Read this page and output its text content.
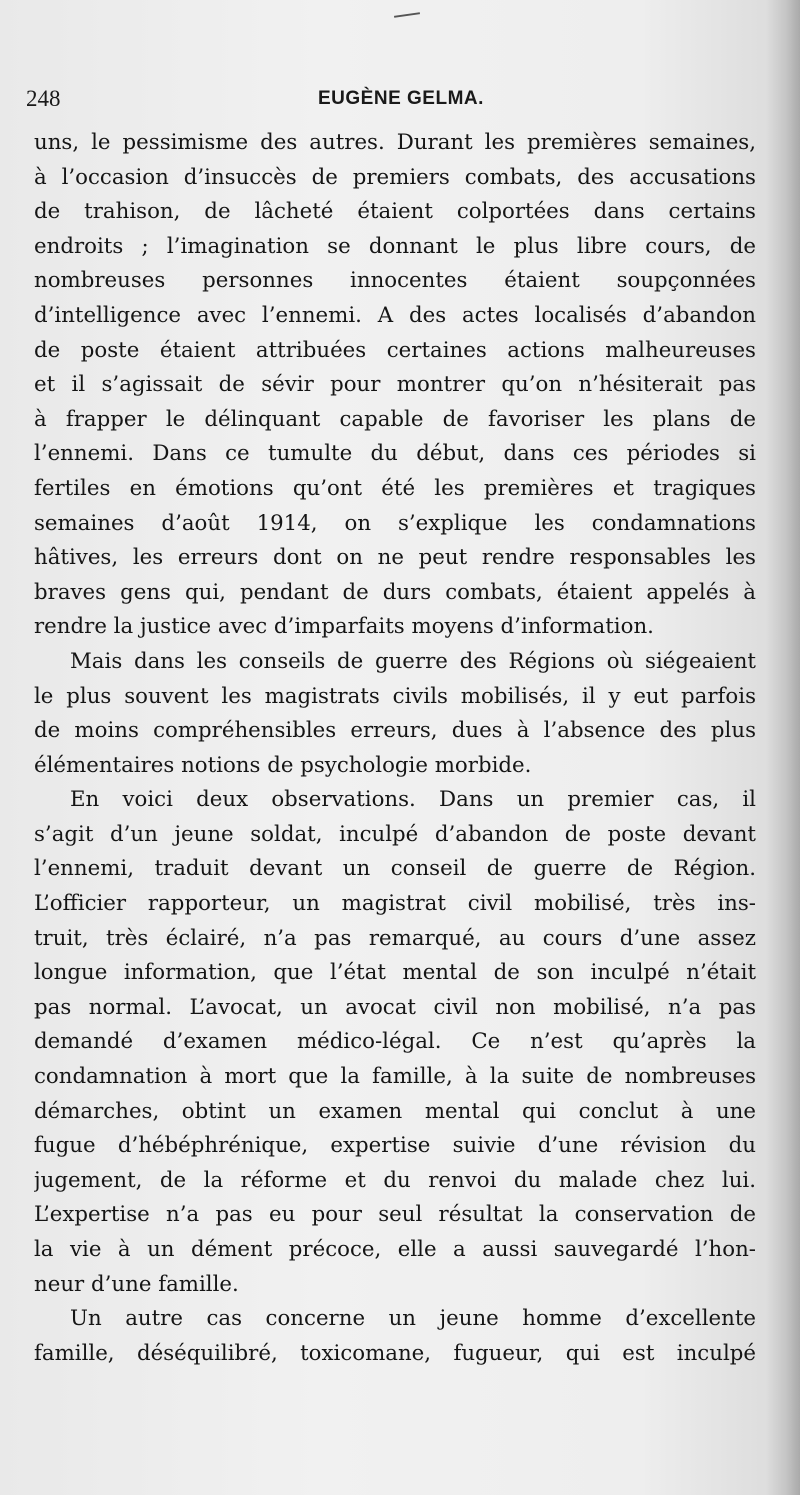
248	EUGÈNE GELMA.
uns, le pessimisme des autres. Durant les premières semaines,
à l’occasion d’insuccès de premiers combats, des accusations
de trahison, de lâcheté étaient colportées dans certains
endroits ; l’imagination se donnant le plus libre cours, de
nombreuses personnes innocentes étaient soupçonnées
d’intelligence avec l’ennemi. A des actes localisés d’abandon
de poste étaient attribuées certaines actions malheureuses
et il s’agissait de sévir pour montrer qu’on n’hésiterait pas
à frapper le délinquant capable de favoriser les plans de
l’ennemi. Dans ce tumulte du début, dans ces périodes si
fertiles en émotions qu’ont été les premières et tragiques
semaines d’août 1914, on s’explique les condamnations
hâtives, les erreurs dont on ne peut rendre responsables les
braves gens qui, pendant de durs combats, étaient appelés à
rendre la justice avec d’imparfaits moyens d’information.
Mais dans les conseils de guerre des Régions où siégeaient
le plus souvent les magistrats civils mobilisés, il y eut parfois
de moins compréhensibles erreurs, dues à l’absence des plus
élémentaires notions de psychologie morbide.
En voici deux observations. Dans un premier cas, il
s’agit d’un jeune soldat, inculpé d’abandon de poste devant
l’ennemi, traduit devant un conseil de guerre de Région.
L’officier rapporteur, un magistrat civil mobilisé, très ins-
truit, très éclairé, n’a pas remarqué, au cours d’une assez
longue information, que l’état mental de son inculpé n’était
pas normal. L’avocat, un avocat civil non mobilisé, n’a pas
demandé d’examen médico-légal. Ce n’est qu’après la
condamnation à mort que la famille, à la suite de nombreuses
démarches, obtint un examen mental qui conclut à une
fugue d’hébéphrénique, expertise suivie d’une révision du
jugement, de la réforme et du renvoi du malade chez lui.
L’expertise n’a pas eu pour seul résultat la conservation de
la vie à un dément précoce, elle a aussi sauvegardé l’hon-
neur d’une famille.
Un autre cas concerne un jeune homme d’excellente
famille, déséquilibré, toxicomane, fugueur, qui est inculpé
